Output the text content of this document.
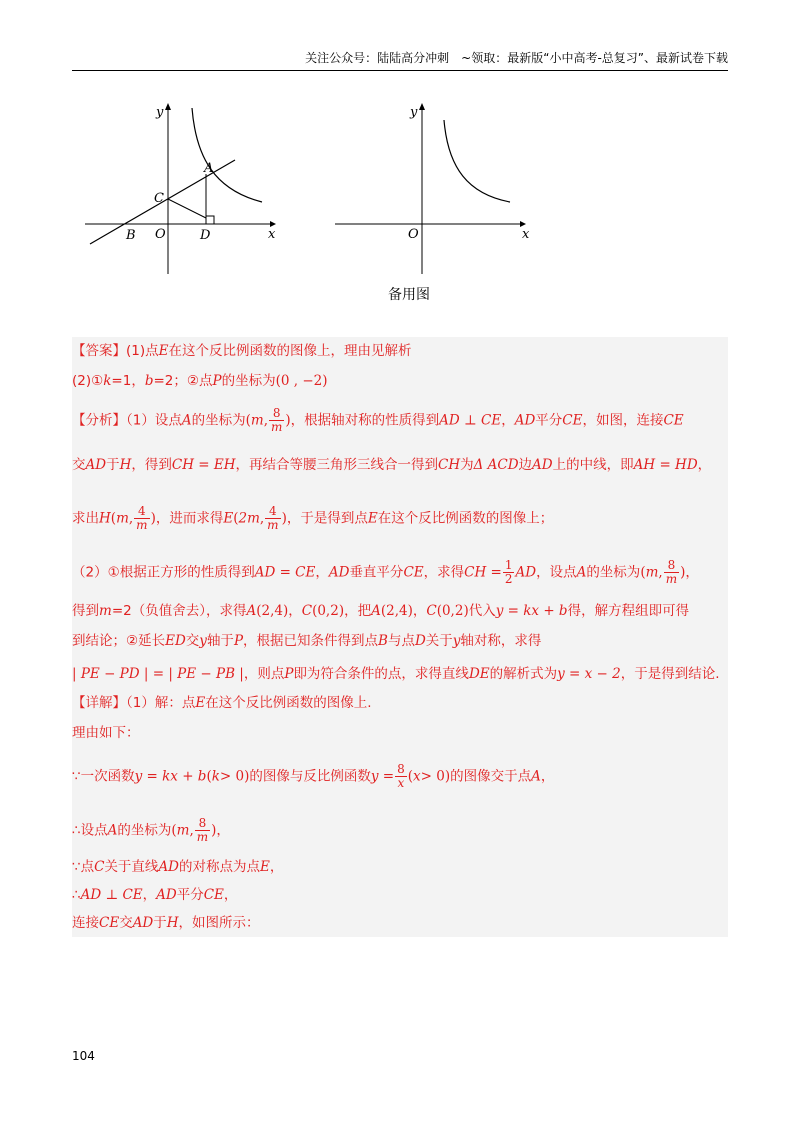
关注公众号：陆陆高分冲刺　~领取：最新版“小中高考-总复习”、最新试卷下载
y
x
A
B
C
O	D
y
x
O
备用图
【答案】(1)点E在这个反比例函数的图像上，理由见解析
(2)①k=1，b=2；②点P的坐标为(0 , −2)
【分析】（1）设点A的坐标为(m, $\frac{8}{m}$ )，根据轴对称的性质得到AD ⊥ CE，AD平分CE，如图，连接CE
交AD于H，得到CH = EH，再结合等腰三角形三线合一得到CH为Δ ACD边AD上的中线，即AH = HD，
求出H(m, $\frac{4}{m}$ )，进而求得E(2m, $\frac{4}{m}$ )，于是得到点E在这个反比例函数的图像上；
（2）①根据正方形的性质得到AD = CE，AD垂直平分CE，求得CH = $\frac{1}{2}$ AD，设点A的坐标为(m, $\frac{8}{m}$ )，
得到m=2（负值舍去），求得A(2,4)，C(0,2)，把A(2,4)，C(0,2)代入y = kx + b得，解方程组即可得
到结论；②延长ED交y轴于P，根据已知条件得到点B与点D关于y轴对称，求得
| PE − PD | = | PE − PB |，则点P即为符合条件的点，求得直线DE的解析式为y = x − 2，于是得到结论.
【详解】（1）解：点E在这个反比例函数的图像上.
理由如下：
∵一次函数y = kx + b(k> 0)的图像与反比例函数$y = \frac{8}{x} (x> 0)$的图像交于点A，
∴设点A的坐标为(m, $\frac{8}{m}$ )，
∵点C关于直线AD的对称点为点E，
∴AD ⊥ CE，AD平分CE，
连接CE交AD于H，如图所示：
104
